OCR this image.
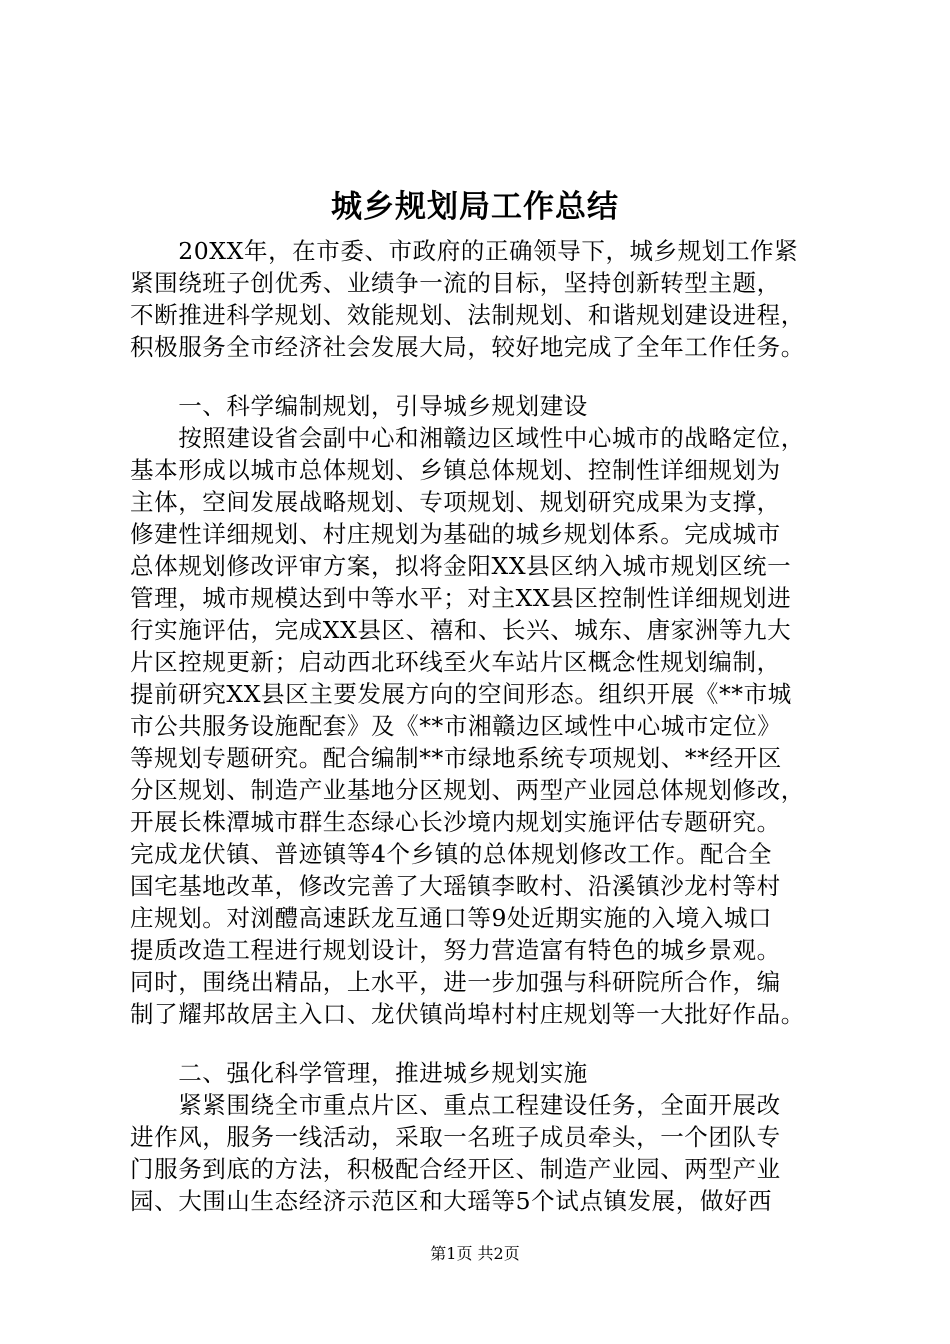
城乡规划局工作总结
　　20XX年，在市委、市政府的正确领导下，城乡规划工作紧
紧围绕班子创优秀、业绩争一流的目标，坚持创新转型主题，
不断推进科学规划、效能规划、法制规划、和谐规划建设进程，
积极服务全市经济社会发展大局，较好地完成了全年工作任务。
　　一、科学编制规划，引导城乡规划建设
　　按照建设省会副中心和湘赣边区域性中心城市的战略定位，
基本形成以城市总体规划、乡镇总体规划、控制性详细规划为
主体，空间发展战略规划、专项规划、规划研究成果为支撑，
修建性详细规划、村庄规划为基础的城乡规划体系。完成城市
总体规划修改评审方案，拟将金阳XX县区纳入城市规划区统一
管理，城市规模达到中等水平；对主XX县区控制性详细规划进
行实施评估，完成XX县区、禧和、长兴、城东、唐家洲等九大
片区控规更新；启动西北环线至火车站片区概念性规划编制，
提前研究XX县区主要发展方向的空间形态。组织开展《**市城
市公共服务设施配套》及《**市湘赣边区域性中心城市定位》
等规划专题研究。配合编制**市绿地系统专项规划、**经开区
分区规划、制造产业基地分区规划、两型产业园总体规划修改，
开展长株潭城市群生态绿心长沙境内规划实施评估专题研究。
完成龙伏镇、普迹镇等4个乡镇的总体规划修改工作。配合全
国宅基地改革，修改完善了大瑶镇李畋村、沿溪镇沙龙村等村
庄规划。对浏醴高速跃龙互通口等9处近期实施的入境入城口
提质改造工程进行规划设计，努力营造富有特色的城乡景观。
同时，围绕出精品，上水平，进一步加强与科研院所合作，编
制了耀邦故居主入口、龙伏镇尚埠村村庄规划等一大批好作品。
　　二、强化科学管理，推进城乡规划实施
　　紧紧围绕全市重点片区、重点工程建设任务，全面开展改
进作风，服务一线活动，采取一名班子成员牵头，一个团队专
门服务到底的方法，积极配合经开区、制造产业园、两型产业
园、大围山生态经济示范区和大瑶等5个试点镇发展，做好西
第1页 共2页
